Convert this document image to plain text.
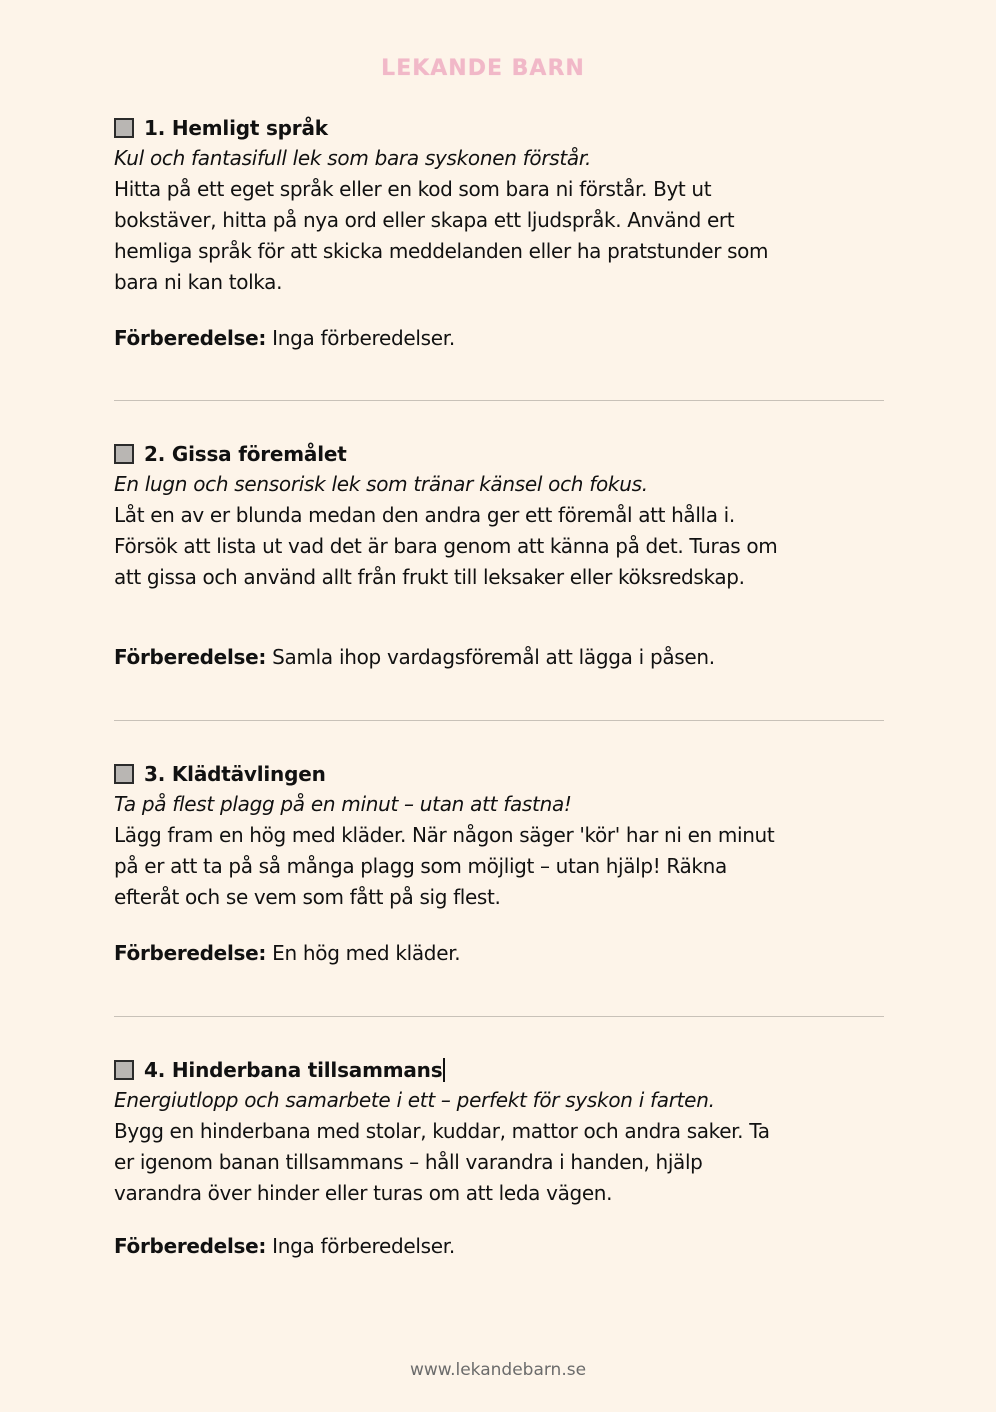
LEKANDE BARN
1. Hemligt språk
Kul och fantasifull lek som bara syskonen förstår.
Hitta på ett eget språk eller en kod som bara ni förstår. Byt ut
bokstäver, hitta på nya ord eller skapa ett ljudspråk. Använd ert
hemliga språk för att skicka meddelanden eller ha pratstunder som
bara ni kan tolka.
Förberedelse: Inga förberedelser.
2. Gissa föremålet
En lugn och sensorisk lek som tränar känsel och fokus.
Låt en av er blunda medan den andra ger ett föremål att hålla i.
Försök att lista ut vad det är bara genom att känna på det. Turas om
att gissa och använd allt från frukt till leksaker eller köksredskap.
Förberedelse: Samla ihop vardagsföremål att lägga i påsen.
3. Klädtävlingen
Ta på flest plagg på en minut – utan att fastna!
Lägg fram en hög med kläder. När någon säger 'kör' har ni en minut
på er att ta på så många plagg som möjligt – utan hjälp! Räkna
efteråt och se vem som fått på sig flest.
Förberedelse: En hög med kläder.
4. Hinderbana tillsammans
Energiutlopp och samarbete i ett – perfekt för syskon i farten.
Bygg en hinderbana med stolar, kuddar, mattor och andra saker. Ta
er igenom banan tillsammans – håll varandra i handen, hjälp
varandra över hinder eller turas om att leda vägen.
Förberedelse: Inga förberedelser.
www.lekandebarn.se
